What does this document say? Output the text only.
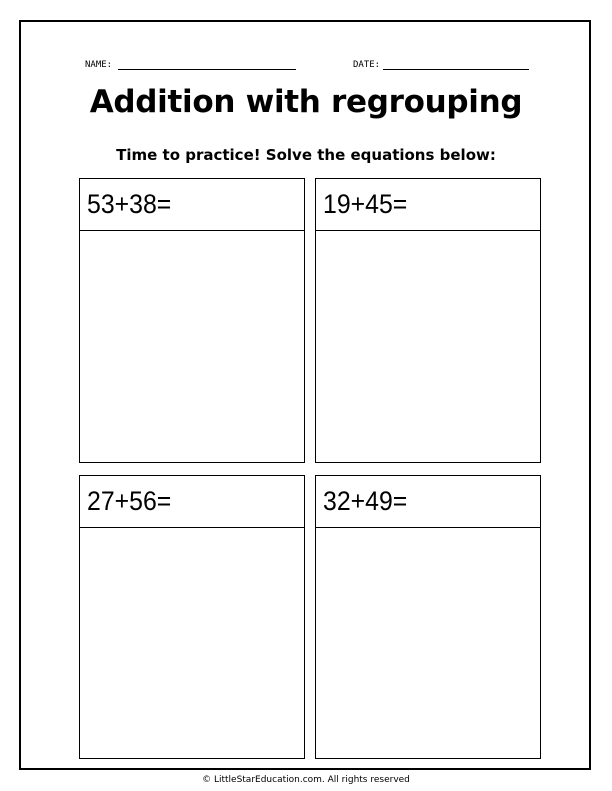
NAME:	DATE:
Addition with regrouping
Time to practice! Solve the equations below:
53+38=	19+45=
27+56=	32+49=
© LittleStarEducation.com. All rights reserved
